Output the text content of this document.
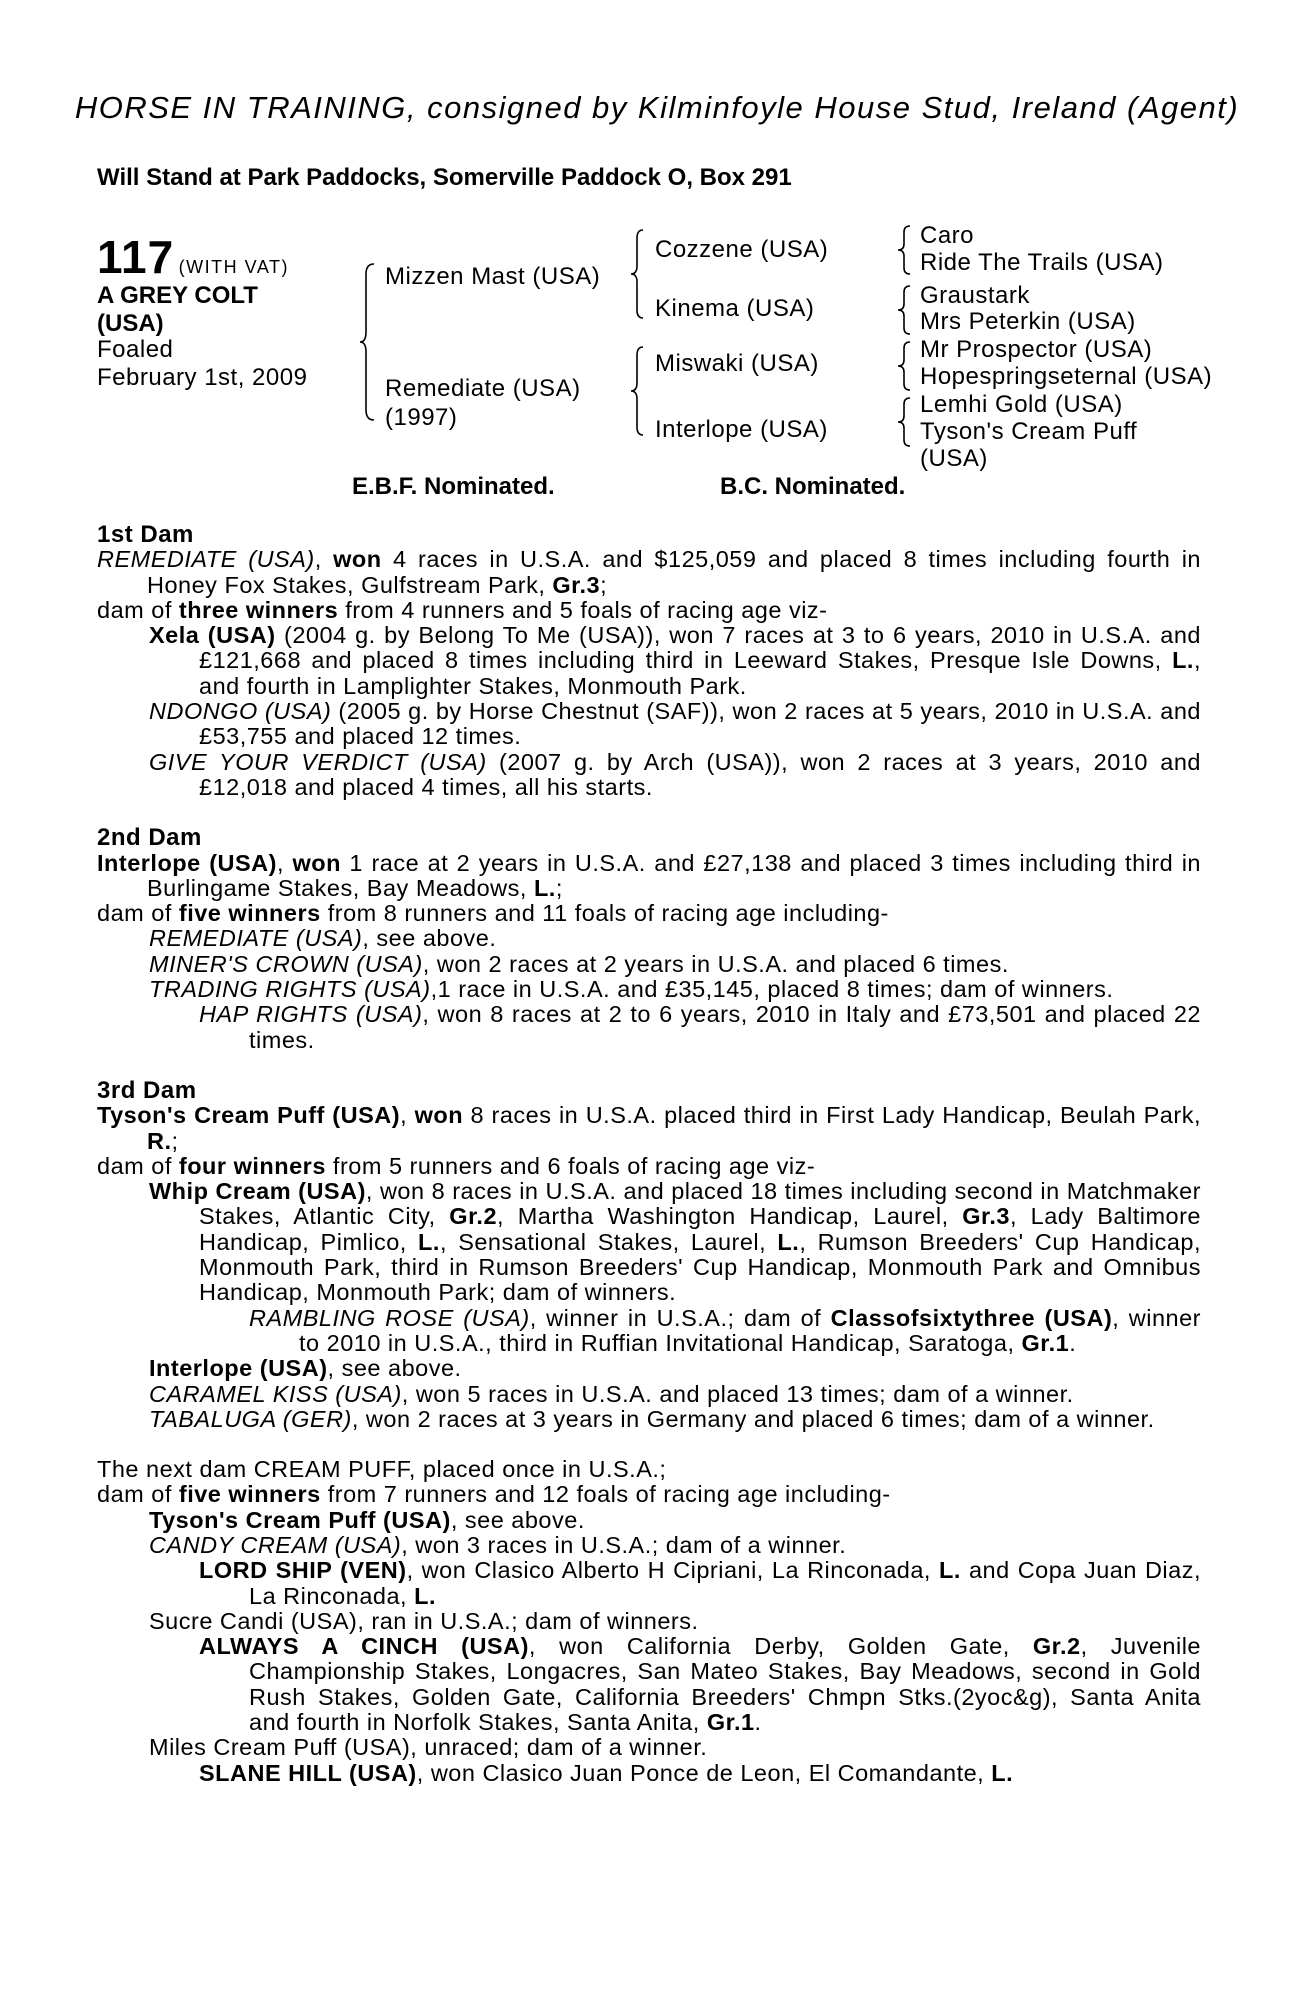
HORSE IN TRAINING, consigned by Kilminfoyle House Stud, Ireland (Agent)
Will Stand at Park Paddocks, Somerville Paddock O, Box 291
117 (WITH VAT)
A GREY COLT
(USA)
Foaled
February 1st, 2009
Mizzen Mast (USA)
Remediate (USA)
(1997)
Cozzene (USA)
Kinema (USA)
Miswaki (USA)
Interlope (USA)
Caro
Ride The Trails (USA)
Graustark
Mrs Peterkin (USA)
Mr Prospector (USA)
Hopespringseternal (USA)
Lemhi Gold (USA)
Tyson's Cream Puff
(USA)
E.B.F. Nominated.	B.C. Nominated.

1st Dam

REMEDIATE (USA), won 4 races in U.S.A. and $125,059 and placed 8 times including fourth in Honey Fox Stakes, Gulfstream Park, Gr.3;

dam of three winners from 4 runners and 5 foals of racing age viz-

Xela (USA) (2004 g. by Belong To Me (USA)), won 7 races at 3 to 6 years, 2010 in U.S.A. and £121,668 and placed 8 times including third in Leeward Stakes, Presque Isle Downs, L., and fourth in Lamplighter Stakes, Monmouth Park.

NDONGO (USA) (2005 g. by Horse Chestnut (SAF)), won 2 races at 5 years, 2010 in U.S.A. and £53,755 and placed 12 times.

GIVE YOUR VERDICT (USA) (2007 g. by Arch (USA)), won 2 races at 3 years, 2010 and £12,018 and placed 4 times, all his starts.

2nd Dam

Interlope (USA), won 1 race at 2 years in U.S.A. and £27,138 and placed 3 times including third in Burlingame Stakes, Bay Meadows, L.;

dam of five winners from 8 runners and 11 foals of racing age including-

REMEDIATE (USA), see above.

MINER'S CROWN (USA), won 2 races at 2 years in U.S.A. and placed 6 times.

TRADING RIGHTS (USA),1 race in U.S.A. and £35,145, placed 8 times; dam of winners.

HAP RIGHTS (USA), won 8 races at 2 to 6 years, 2010 in Italy and £73,501 and placed 22 times.

3rd Dam

Tyson's Cream Puff (USA), won 8 races in U.S.A. placed third in First Lady Handicap, Beulah Park, R.;

dam of four winners from 5 runners and 6 foals of racing age viz-

Whip Cream (USA), won 8 races in U.S.A. and placed 18 times including second in Matchmaker Stakes, Atlantic City, Gr.2, Martha Washington Handicap, Laurel, Gr.3, Lady Baltimore Handicap, Pimlico, L., Sensational Stakes, Laurel, L., Rumson Breeders' Cup Handicap, Monmouth Park, third in Rumson Breeders' Cup Handicap, Monmouth Park and Omnibus Handicap, Monmouth Park; dam of winners.

RAMBLING ROSE (USA), winner in U.S.A.; dam of Classofsixtythree (USA), winner to 2010 in U.S.A., third in Ruffian Invitational Handicap, Saratoga, Gr.1.

Interlope (USA), see above.

CARAMEL KISS (USA), won 5 races in U.S.A. and placed 13 times; dam of a winner.

TABALUGA (GER), won 2 races at 3 years in Germany and placed 6 times; dam of a winner.

The next dam CREAM PUFF, placed once in U.S.A.;

dam of five winners from 7 runners and 12 foals of racing age including-

Tyson's Cream Puff (USA), see above.

CANDY CREAM (USA), won 3 races in U.S.A.; dam of a winner.

LORD SHIP (VEN), won Clasico Alberto H Cipriani, La Rinconada, L. and Copa Juan Diaz, La Rinconada, L.

Sucre Candi (USA), ran in U.S.A.; dam of winners.

ALWAYS A CINCH (USA), won California Derby, Golden Gate, Gr.2, Juvenile Championship Stakes, Longacres, San Mateo Stakes, Bay Meadows, second in Gold Rush Stakes, Golden Gate, California Breeders' Chmpn Stks.(2yoc&g), Santa Anita and fourth in Norfolk Stakes, Santa Anita, Gr.1.

Miles Cream Puff (USA), unraced; dam of a winner.

SLANE HILL (USA), won Clasico Juan Ponce de Leon, El Comandante, L.
